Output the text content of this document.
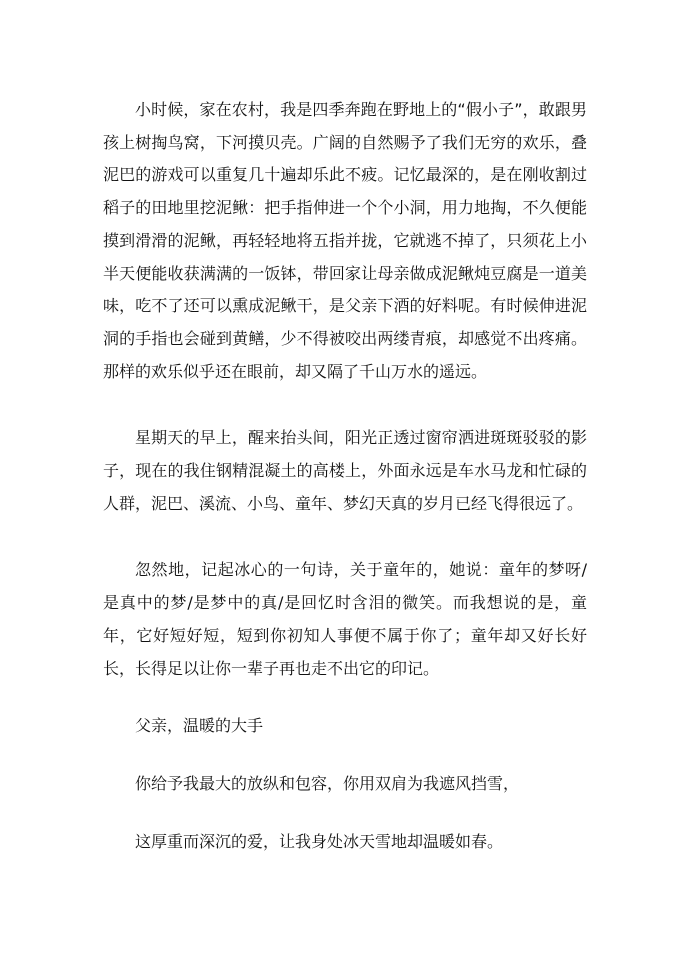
小时候，家在农村，我是四季奔跑在野地上的“假小子”，敢跟男孩上树掏鸟窝，下河摸贝壳。广阔的自然赐予了我们无穷的欢乐，叠泥巴的游戏可以重复几十遍却乐此不疲。记忆最深的，是在刚收割过稻子的田地里挖泥鳅：把手指伸进一个个小洞，用力地掏，不久便能摸到滑滑的泥鳅，再轻轻地将五指并拢，它就逃不掉了，只须花上小半天便能收获满满的一饭钵，带回家让母亲做成泥鳅炖豆腐是一道美味，吃不了还可以熏成泥鳅干，是父亲下酒的好料呢。有时候伸进泥洞的手指也会碰到黄鳝，少不得被咬出两缕青痕，却感觉不出疼痛。那样的欢乐似乎还在眼前，却又隔了千山万水的遥远。

星期天的早上，醒来抬头间，阳光正透过窗帘洒进斑斑驳驳的影子，现在的我住钢精混凝土的高楼上，外面永远是车水马龙和忙碌的人群，泥巴、溪流、小鸟、童年、梦幻天真的岁月已经飞得很远了。

忽然地，记起冰心的一句诗，关于童年的，她说：童年的梦呀/是真中的梦/是梦中的真/是回忆时含泪的微笑。而我想说的是，童年，它好短好短，短到你初知人事便不属于你了；童年却又好长好长，长得足以让你一辈子再也走不出它的印记。

父亲，温暖的大手

你给予我最大的放纵和包容，你用双肩为我遮风挡雪，

这厚重而深沉的爱，让我身处冰天雪地却温暖如春。
